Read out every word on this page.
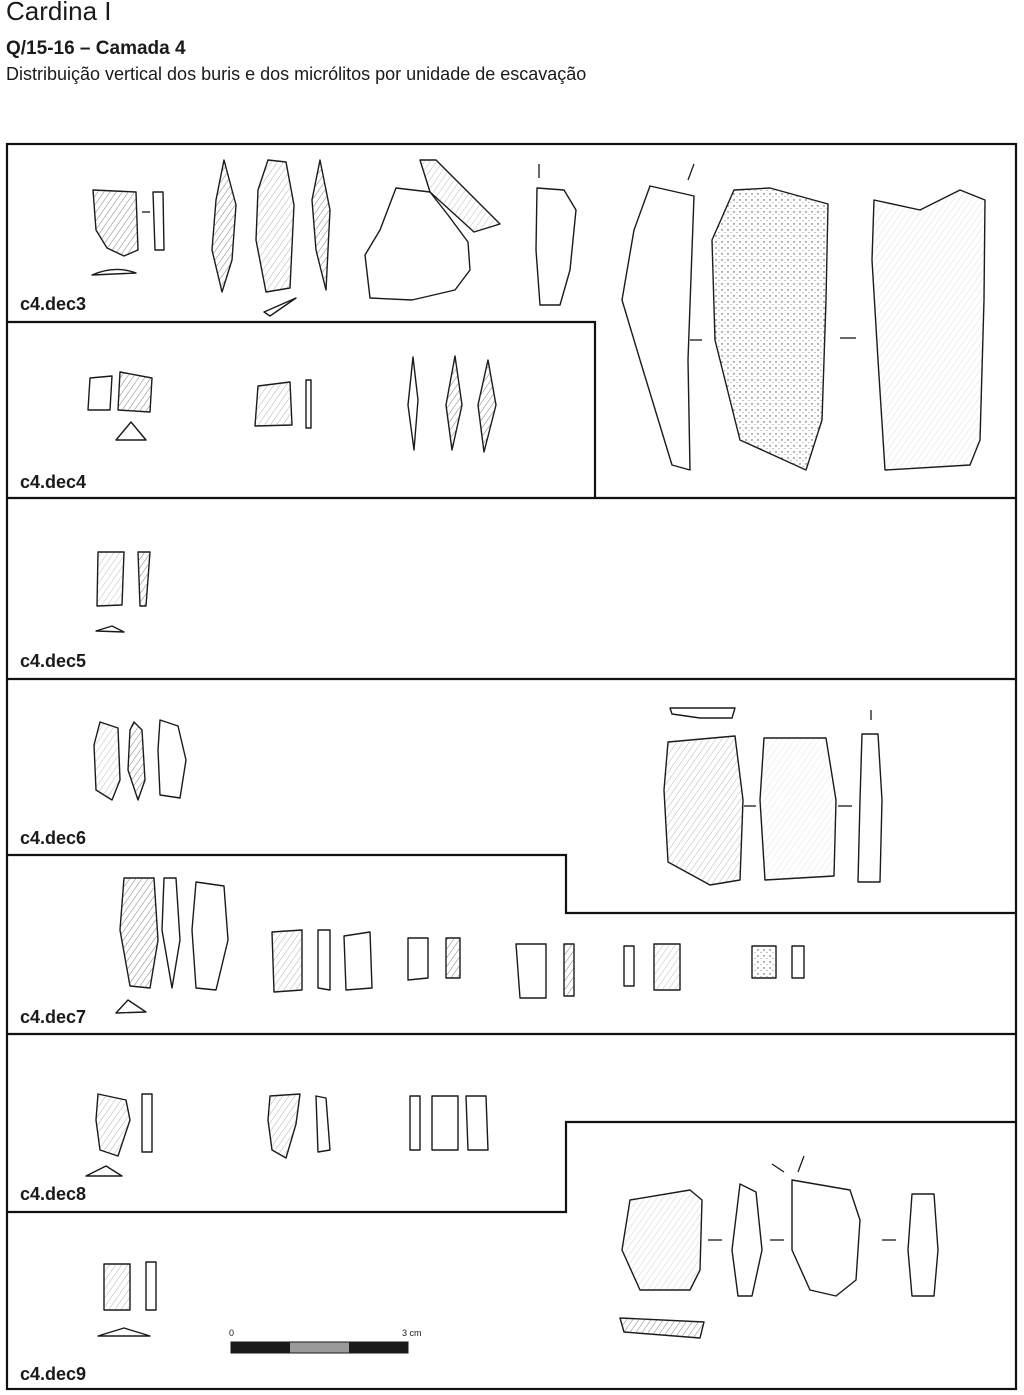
Cardina I
Q/15-16 – Camada 4
Distribuição vertical dos buris e dos micrólitos por unidade de escavação
c4.dec3
c4.dec4
c4.dec5
c4.dec6
c4.dec7
c4.dec8
c4.dec9
0	3 cm
